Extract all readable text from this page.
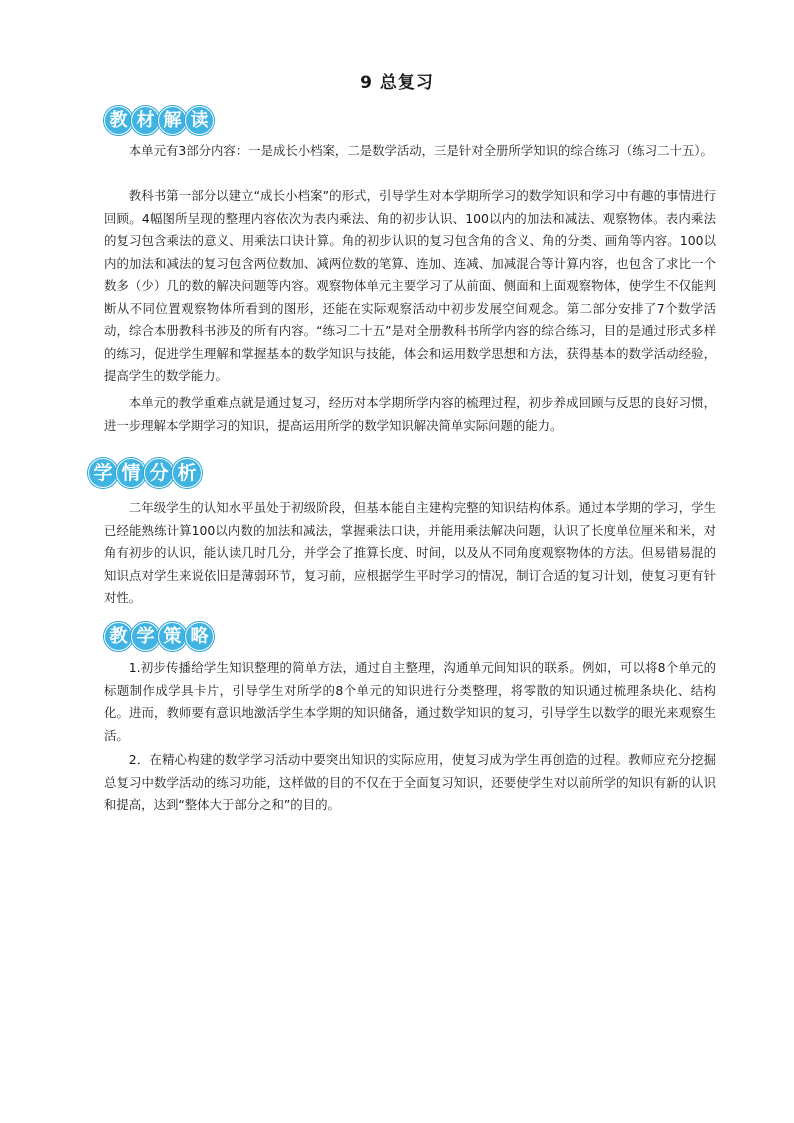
9 总复习
教 材 解 读

本单元有3部分内容：一是成长小档案，二是数学活动，三是针对全册所学知识的综合练习（练习二十五）。

教科书第一部分以建立“成长小档案”的形式，引导学生对本学期所学习的数学知识和学习中有趣的事情进行回顾。4幅图所呈现的整理内容依次为表内乘法、角的初步认识、100以内的加法和减法、观察物体。表内乘法的复习包含乘法的意义、用乘法口诀计算。角的初步认识的复习包含角的含义、角的分类、画角等内容。100以内的加法和减法的复习包含两位数加、减两位数的笔算、连加、连减、加减混合等计算内容，也包含了求比一个数多（少）几的数的解决问题等内容。观察物体单元主要学习了从前面、侧面和上面观察物体，使学生不仅能判断从不同位置观察物体所看到的图形，还能在实际观察活动中初步发展空间观念。第二部分安排了7个数学活动，综合本册教科书涉及的所有内容。“练习二十五”是对全册教科书所学内容的综合练习，目的是通过形式多样的练习，促进学生理解和掌握基本的数学知识与技能，体会和运用数学思想和方法，获得基本的数学活动经验，提高学生的数学能力。

本单元的教学重难点就是通过复习，经历对本学期所学内容的梳理过程，初步养成回顾与反思的良好习惯，进一步理解本学期学习的知识，提高运用所学的数学知识解决简单实际问题的能力。

学 情 分 析

二年级学生的认知水平虽处于初级阶段，但基本能自主建构完整的知识结构体系。通过本学期的学习，学生已经能熟练计算100以内数的加法和减法，掌握乘法口诀，并能用乘法解决问题，认识了长度单位厘米和米，对角有初步的认识，能认读几时几分，并学会了推算长度、时间，以及从不同角度观察物体的方法。但易错易混的知识点对学生来说依旧是薄弱环节，复习前，应根据学生平时学习的情况，制订合适的复习计划，使复习更有针对性。

教 学 策 略

1.初步传播给学生知识整理的简单方法，通过自主整理，沟通单元间知识的联系。例如，可以将8个单元的标题制作成学具卡片，引导学生对所学的8个单元的知识进行分类整理，将零散的知识通过梳理条块化、结构化。进而，教师要有意识地激活学生本学期的知识储备，通过数学知识的复习，引导学生以数学的眼光来观察生活。

2．在精心构建的数学学习活动中要突出知识的实际应用，使复习成为学生再创造的过程。教师应充分挖掘总复习中数学活动的练习功能，这样做的目的不仅在于全面复习知识，还要使学生对以前所学的知识有新的认识和提高，达到“整体大于部分之和”的目的。
